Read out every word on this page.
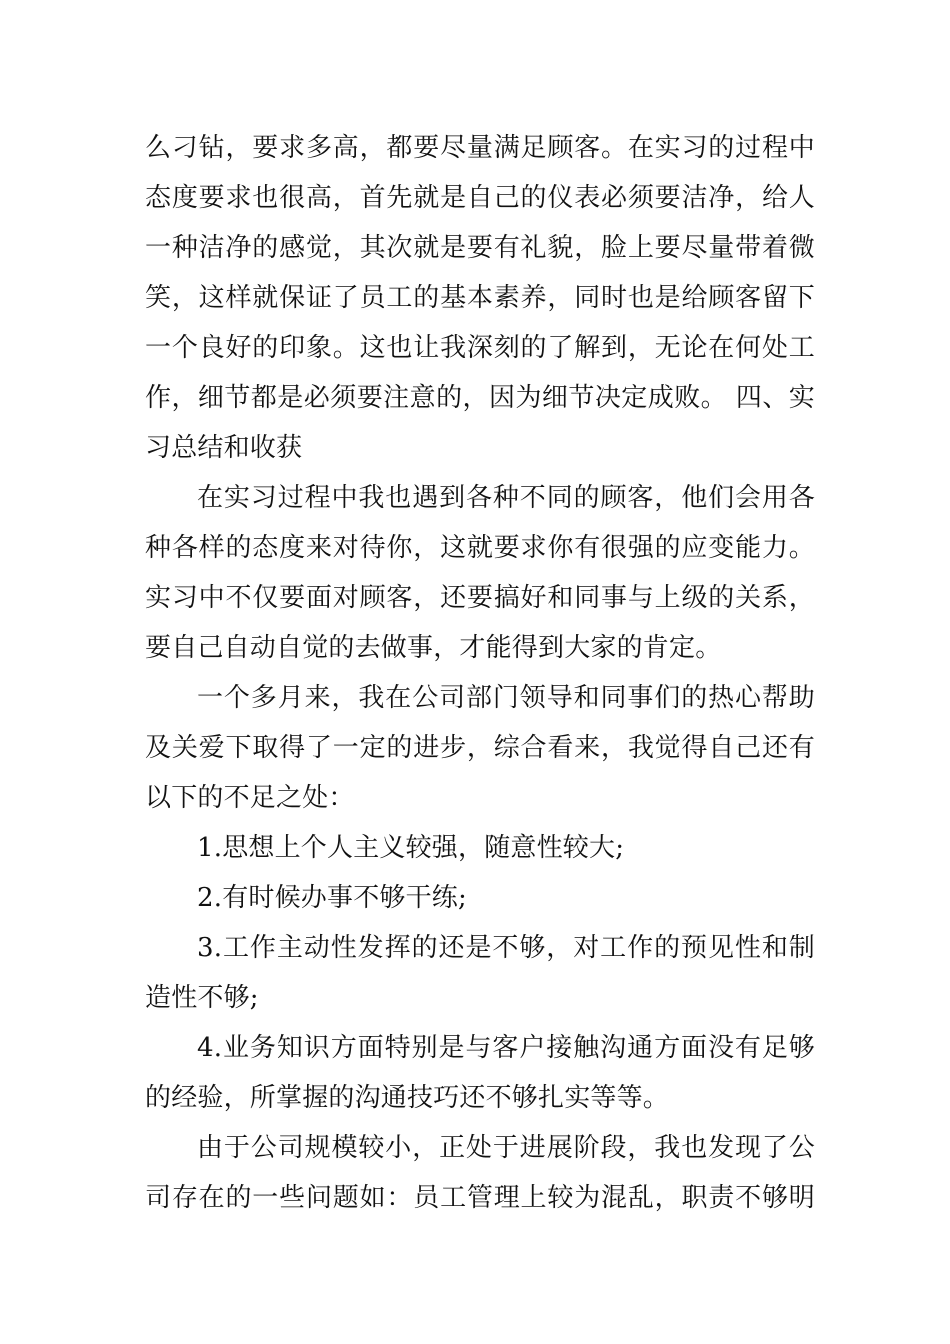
么刁钻，要求多高，都要尽量满足顾客。在实习的过程中
态度要求也很高，首先就是自己的仪表必须要洁净，给人
一种洁净的感觉，其次就是要有礼貌，脸上要尽量带着微
笑，这样就保证了员工的基本素养，同时也是给顾客留下
一个良好的印象。这也让我深刻的了解到，无论在何处工
作，细节都是必须要注意的，因为细节决定成败。 四、实
习总结和收获
在实习过程中我也遇到各种不同的顾客，他们会用各
种各样的态度来对待你，这就要求你有很强的应变能力。
实习中不仅要面对顾客，还要搞好和同事与上级的关系，
要自己自动自觉的去做事，才能得到大家的肯定。
一个多月来，我在公司部门领导和同事们的热心帮助
及关爱下取得了一定的进步，综合看来，我觉得自己还有
以下的不足之处：
1.思想上个人主义较强，随意性较大;
2.有时候办事不够干练;
3.工作主动性发挥的还是不够，对工作的预见性和制
造性不够;
4.业务知识方面特别是与客户接触沟通方面没有足够
的经验，所掌握的沟通技巧还不够扎实等等。
由于公司规模较小，正处于进展阶段，我也发现了公
司存在的一些问题如：员工管理上较为混乱，职责不够明
